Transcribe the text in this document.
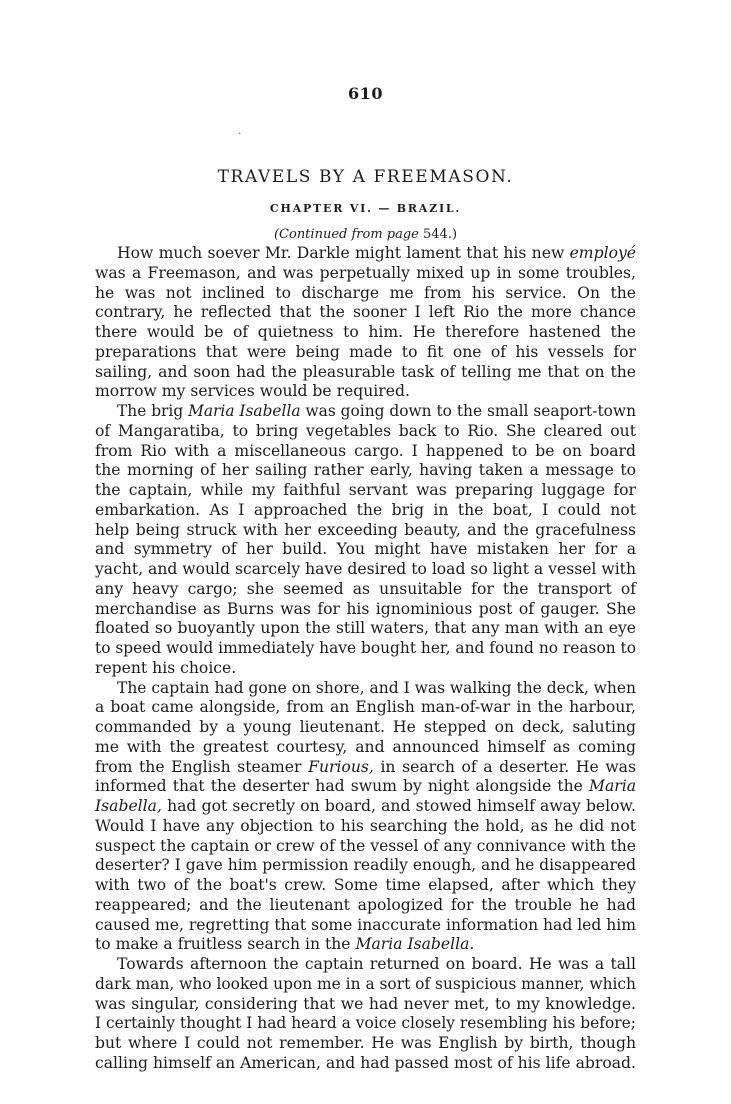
610
․
TRAVELS BY A FREEMASON.
CHAPTER VI. — BRAZIL.
(Continued from page 544.)
How much soever Mr. Darkle might lament that his new employé
was a Freemason, and was perpetually mixed up in some troubles,
he was not inclined to discharge me from his service. On the
contrary, he reflected that the sooner I left Rio the more chance
there would be of quietness to him. He therefore hastened the
preparations that were being made to fit one of his vessels for
sailing, and soon had the pleasurable task of telling me that on the
morrow my services would be required.
The brig Maria Isabella was going down to the small seaport-town
of Mangaratiba, to bring vegetables back to Rio. She cleared out
from Rio with a miscellaneous cargo. I happened to be on board
the morning of her sailing rather early, having taken a message to
the captain, while my faithful servant was preparing luggage for
embarkation. As I approached the brig in the boat, I could not
help being struck with her exceeding beauty, and the gracefulness
and symmetry of her build. You might have mistaken her for a
yacht, and would scarcely have desired to load so light a vessel with
any heavy cargo; she seemed as unsuitable for the transport of
merchandise as Burns was for his ignominious post of gauger. She
floated so buoyantly upon the still waters, that any man with an eye
to speed would immediately have bought her, and found no reason to
repent his choice.
The captain had gone on shore, and I was walking the deck, when
a boat came alongside, from an English man-of-war in the harbour,
commanded by a young lieutenant. He stepped on deck, saluting
me with the greatest courtesy, and announced himself as coming
from the English steamer Furious, in search of a deserter. He was
informed that the deserter had swum by night alongside the Maria
Isabella, had got secretly on board, and stowed himself away below.
Would I have any objection to his searching the hold, as he did not
suspect the captain or crew of the vessel of any connivance with the
deserter? I gave him permission readily enough, and he disappeared
with two of the boat's crew. Some time elapsed, after which they
reappeared; and the lieutenant apologized for the trouble he had
caused me, regretting that some inaccurate information had led him
to make a fruitless search in the Maria Isabella.
Towards afternoon the captain returned on board. He was a tall
dark man, who looked upon me in a sort of suspicious manner, which
was singular, considering that we had never met, to my knowledge.
I certainly thought I had heard a voice closely resembling his before;
but where I could not remember. He was English by birth, though
calling himself an American, and had passed most of his life abroad.
